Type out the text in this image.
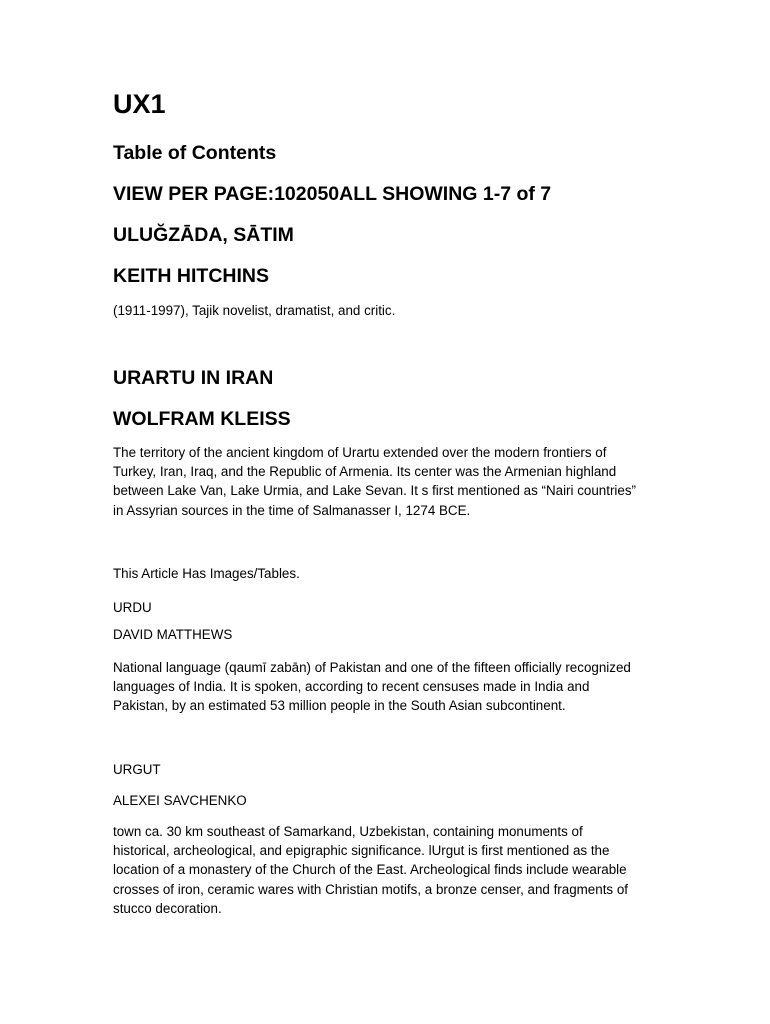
UX1
Table of Contents
VIEW PER PAGE:102050ALL SHOWING 1-7 of 7
ULUĞZĀDA, SĀTIM
KEITH HITCHINS

(1911-1997), Tajik novelist, dramatist, and critic.

URARTU IN IRAN
WOLFRAM KLEISS
The territory of the ancient kingdom of Urartu extended over the modern frontiers of
Turkey, Iran, Iraq, and the Republic of Armenia. Its center was the Armenian highland
between Lake Van, Lake Urmia, and Lake Sevan. It s first mentioned as “Nairi countries”
in Assyrian sources in the time of Salmanasser I, 1274 BCE.

This Article Has Images/Tables.

URDU

DAVID MATTHEWS

National language (qaumī zabān) of Pakistan and one of the fifteen officially recognized
languages of India. It is spoken, according to recent censuses made in India and
Pakistan, by an estimated 53 million people in the South Asian subcontinent.

URGUT

ALEXEI SAVCHENKO

town ca. 30 km southeast of Samarkand, Uzbekistan, containing monuments of
historical, archeological, and epigraphic significance. lUrgut is first mentioned as the
location of a monastery of the Church of the East. Archeological finds include wearable
crosses of iron, ceramic wares with Christian motifs, a bronze censer, and fragments of
stucco decoration.
